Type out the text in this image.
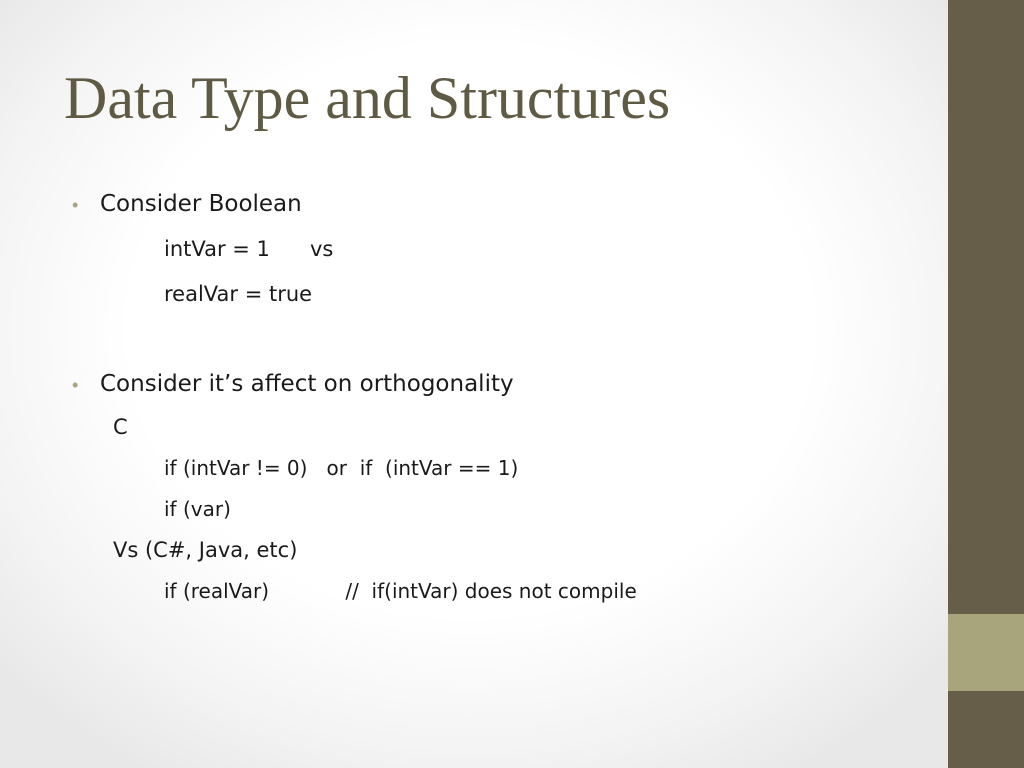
Data Type and Structures
• Consider Boolean

intVar = 1      vs

realVar = true

• Consider it’s affect on orthogonality

C

if (intVar != 0)   or  if  (intVar == 1)

if (var)

Vs (C#, Java, etc)

if (realVar)            //  if(intVar) does not compile
